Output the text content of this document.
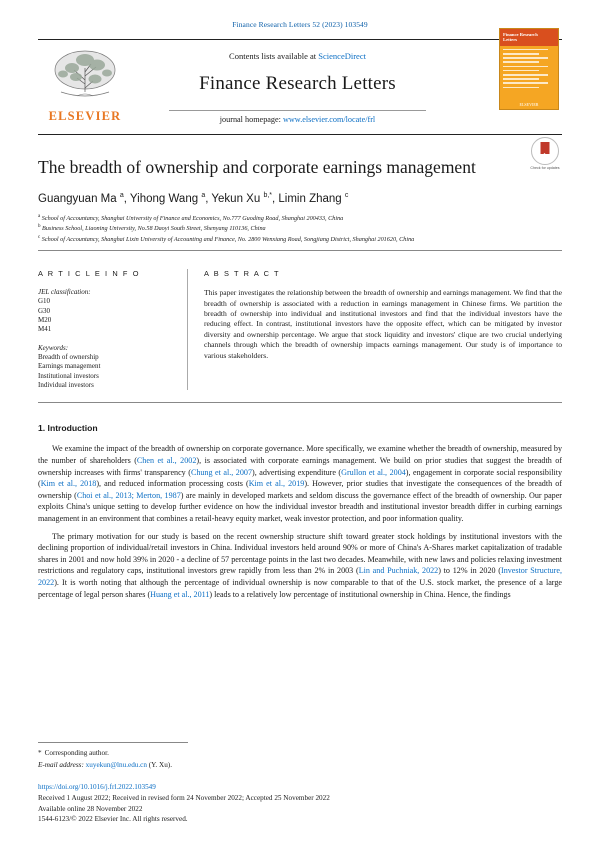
Finance Research Letters 52 (2023) 103549
ELSEVIER
Contents lists available at ScienceDirect
Finance Research Letters
journal homepage: www.elsevier.com/locate/frl
Finance Research
Letters
ELSEVIER
Check for updates
The breadth of ownership and corporate earnings management
Guangyuan Ma $^a$, Yihong Wang $^a$, Yekun Xu $^{b,*}$, Limin Zhang $^c$

$^a$ School of Accountancy, Shanghai University of Finance and Economics, No.777 Guoding Road, Shanghai 200433, China

$^b$ Business School, Liaoning University, No.58 Daoyi South Street, Shenyang 110136, China

$^c$ School of Accountancy, Shanghai Lixin University of Accounting and Finance, No. 2800 Wenxiang Road, Songjiang District, Shanghai 201620, China

A R T I C L E I N F O
JEL classification:
G10
G30
M20
M41
Keywords:
Breadth of ownership
Earnings management
Institutional investors
Individual investors
A B S T R A C T

This paper investigates the relationship between the breadth of ownership and earnings management. We find that the breadth of ownership is associated with a reduction in earnings management in Chinese firms. We partition the breadth of ownership into individual and institutional investors and find that the individual investors have the reducing effect. In contrast, institutional investors have the opposite effect, which can be mitigated by investor diversity and ownership percentage. We argue that stock liquidity and investors' clique are two crucial underlying channels through which the breadth of ownership impacts earnings management. Our study is of importance to various stakeholders.

1. Introduction

We examine the impact of the breadth of ownership on corporate governance. More specifically, we examine whether the breadth of ownership, measured by the number of shareholders (Chen et al., 2002), is associated with corporate earnings management. We build on prior studies that suggest the breadth of ownership increases with firms' transparency (Chung et al., 2007), advertising expenditure (Grullon et al., 2004), engagement in corporate social responsibility (Kim et al., 2018), and reduced information processing costs (Kim et al., 2019). However, prior studies that investigate the consequences of the breadth of ownership (Choi et al., 2013; Merton, 1987) are mainly in developed markets and seldom discuss the governance effect of the breadth of ownership. Our paper exploits China's unique setting to develop further evidence on how the individual investor breadth and institutional investor breadth differ in curbing earnings management in an environment that combines a retail-heavy equity market, weak investor protection, and poor information quality.

The primary motivation for our study is based on the recent ownership structure shift toward greater stock holdings by institutional investors with the declining proportion of individual/retail investors in China. Individual investors held around 90% or more of China's A-Shares market capitalization of tradable shares in 2001 and now hold 39% in 2020 - a decline of 57 percentage points in the last two decades. Meanwhile, with new laws and policies relaxing investment restrictions and regulatory caps, institutional investors grew rapidly from less than 2% in 2003 (Lin and Puchniak, 2022) to 12% in 2020 (Investor Structure, 2022). It is worth noting that although the percentage of individual ownership is now comparable to that of the U.S. stock market, the presence of a large percentage of legal person shares (Huang et al., 2011) leads to a relatively low percentage of institutional ownership in China. Hence, the findings

* Corresponding author.

E-mail address: xuyekun@lnu.edu.cn (Y. Xu).

https://doi.org/10.1016/j.frl.2022.103549

Received 1 August 2022; Received in revised form 24 November 2022; Accepted 25 November 2022

Available online 28 November 2022

1544-6123/© 2022 Elsevier Inc. All rights reserved.
